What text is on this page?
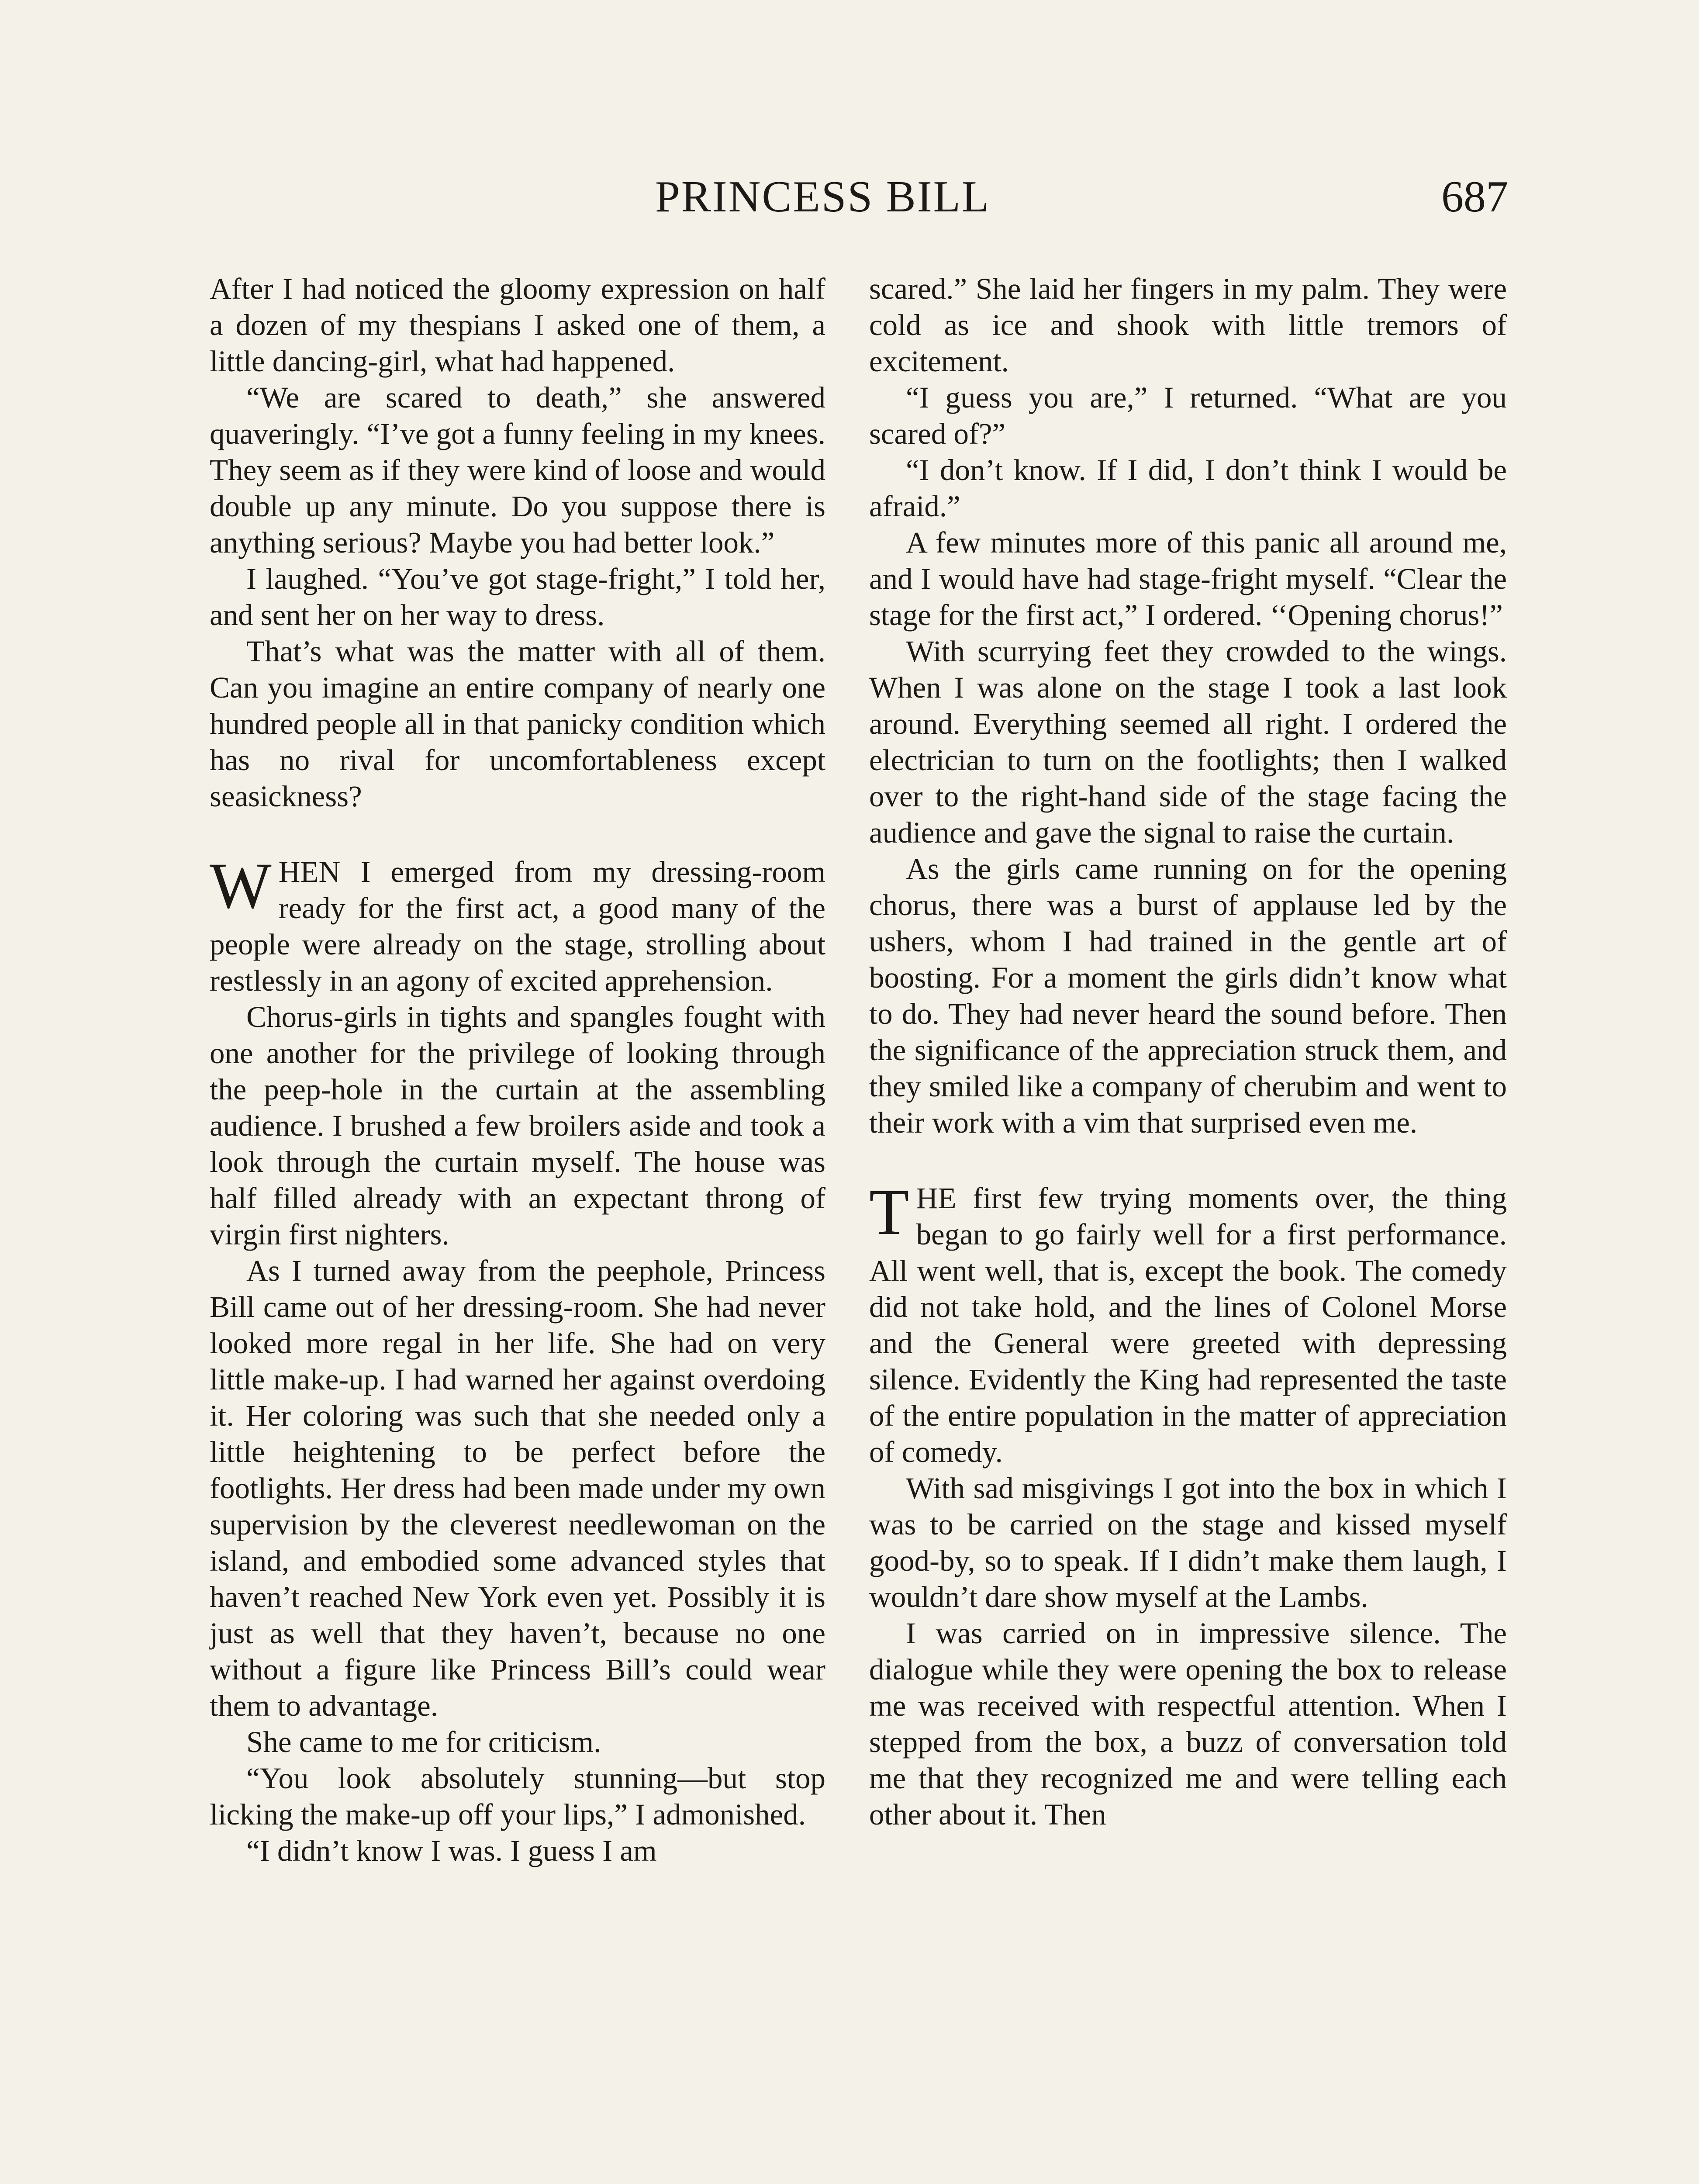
PRINCESS BILL	687

After I had noticed the gloomy expression on half a dozen of my thespians I asked one of them, a little dancing-girl, what had happened.

“We are scared to death,” she answered quaveringly. “I’ve got a funny feeling in my knees. They seem as if they were kind of loose and would double up any minute. Do you suppose there is anything serious? Maybe you had better look.”

I laughed. “You’ve got stage-fright,” I told her, and sent her on her way to dress.

That’s what was the matter with all of them. Can you imagine an entire company of nearly one hundred people all in that panicky condition which has no rival for uncomfortableness except seasickness?

WHEN I emerged from my dressing-room ready for the first act, a good many of the people were already on the stage, strolling about restlessly in an agony of excited apprehension.

Chorus-girls in tights and spangles fought with one another for the privilege of looking through the peep-hole in the curtain at the assembling audience. I brushed a few broilers aside and took a look through the curtain myself. The house was half filled already with an expectant throng of virgin first nighters.

As I turned away from the peephole, Princess Bill came out of her dressing-room. She had never looked more regal in her life. She had on very little make-up. I had warned her against overdoing it. Her coloring was such that she needed only a little heightening to be perfect before the footlights. Her dress had been made under my own supervision by the cleverest needlewoman on the island, and embodied some advanced styles that haven’t reached New York even yet. Possibly it is just as well that they haven’t, because no one without a figure like Princess Bill’s could wear them to advantage.

She came to me for criticism.

“You look absolutely stunning—but stop licking the make-up off your lips,” I admonished.

“I didn’t know I was. I guess I am

scared.” She laid her fingers in my palm. They were cold as ice and shook with little tremors of excitement.

“I guess you are,” I returned. “What are you scared of?”

“I don’t know. If I did, I don’t think I would be afraid.”

A few minutes more of this panic all around me, and I would have had stage-fright myself. “Clear the stage for the first act,” I ordered. ‘‘Opening chorus!”

With scurrying feet they crowded to the wings. When I was alone on the stage I took a last look around. Everything seemed all right. I ordered the electrician to turn on the footlights; then I walked over to the right-hand side of the stage facing the audience and gave the signal to raise the curtain.

As the girls came running on for the opening chorus, there was a burst of applause led by the ushers, whom I had trained in the gentle art of boosting. For a moment the girls didn’t know what to do. They had never heard the sound before. Then the significance of the appreciation struck them, and they smiled like a company of cherubim and went to their work with a vim that surprised even me.

THE first few trying moments over, the thing began to go fairly well for a first performance. All went well, that is, except the book. The comedy did not take hold, and the lines of Colonel Morse and the General were greeted with depressing silence. Evidently the King had represented the taste of the entire population in the matter of appreciation of comedy.

With sad misgivings I got into the box in which I was to be carried on the stage and kissed myself good-by, so to speak. If I didn’t make them laugh, I wouldn’t dare show myself at the Lambs.

I was carried on in impressive silence. The dialogue while they were opening the box to release me was received with respectful attention. When I stepped from the box, a buzz of conversation told me that they recognized me and were telling each other about it. Then
